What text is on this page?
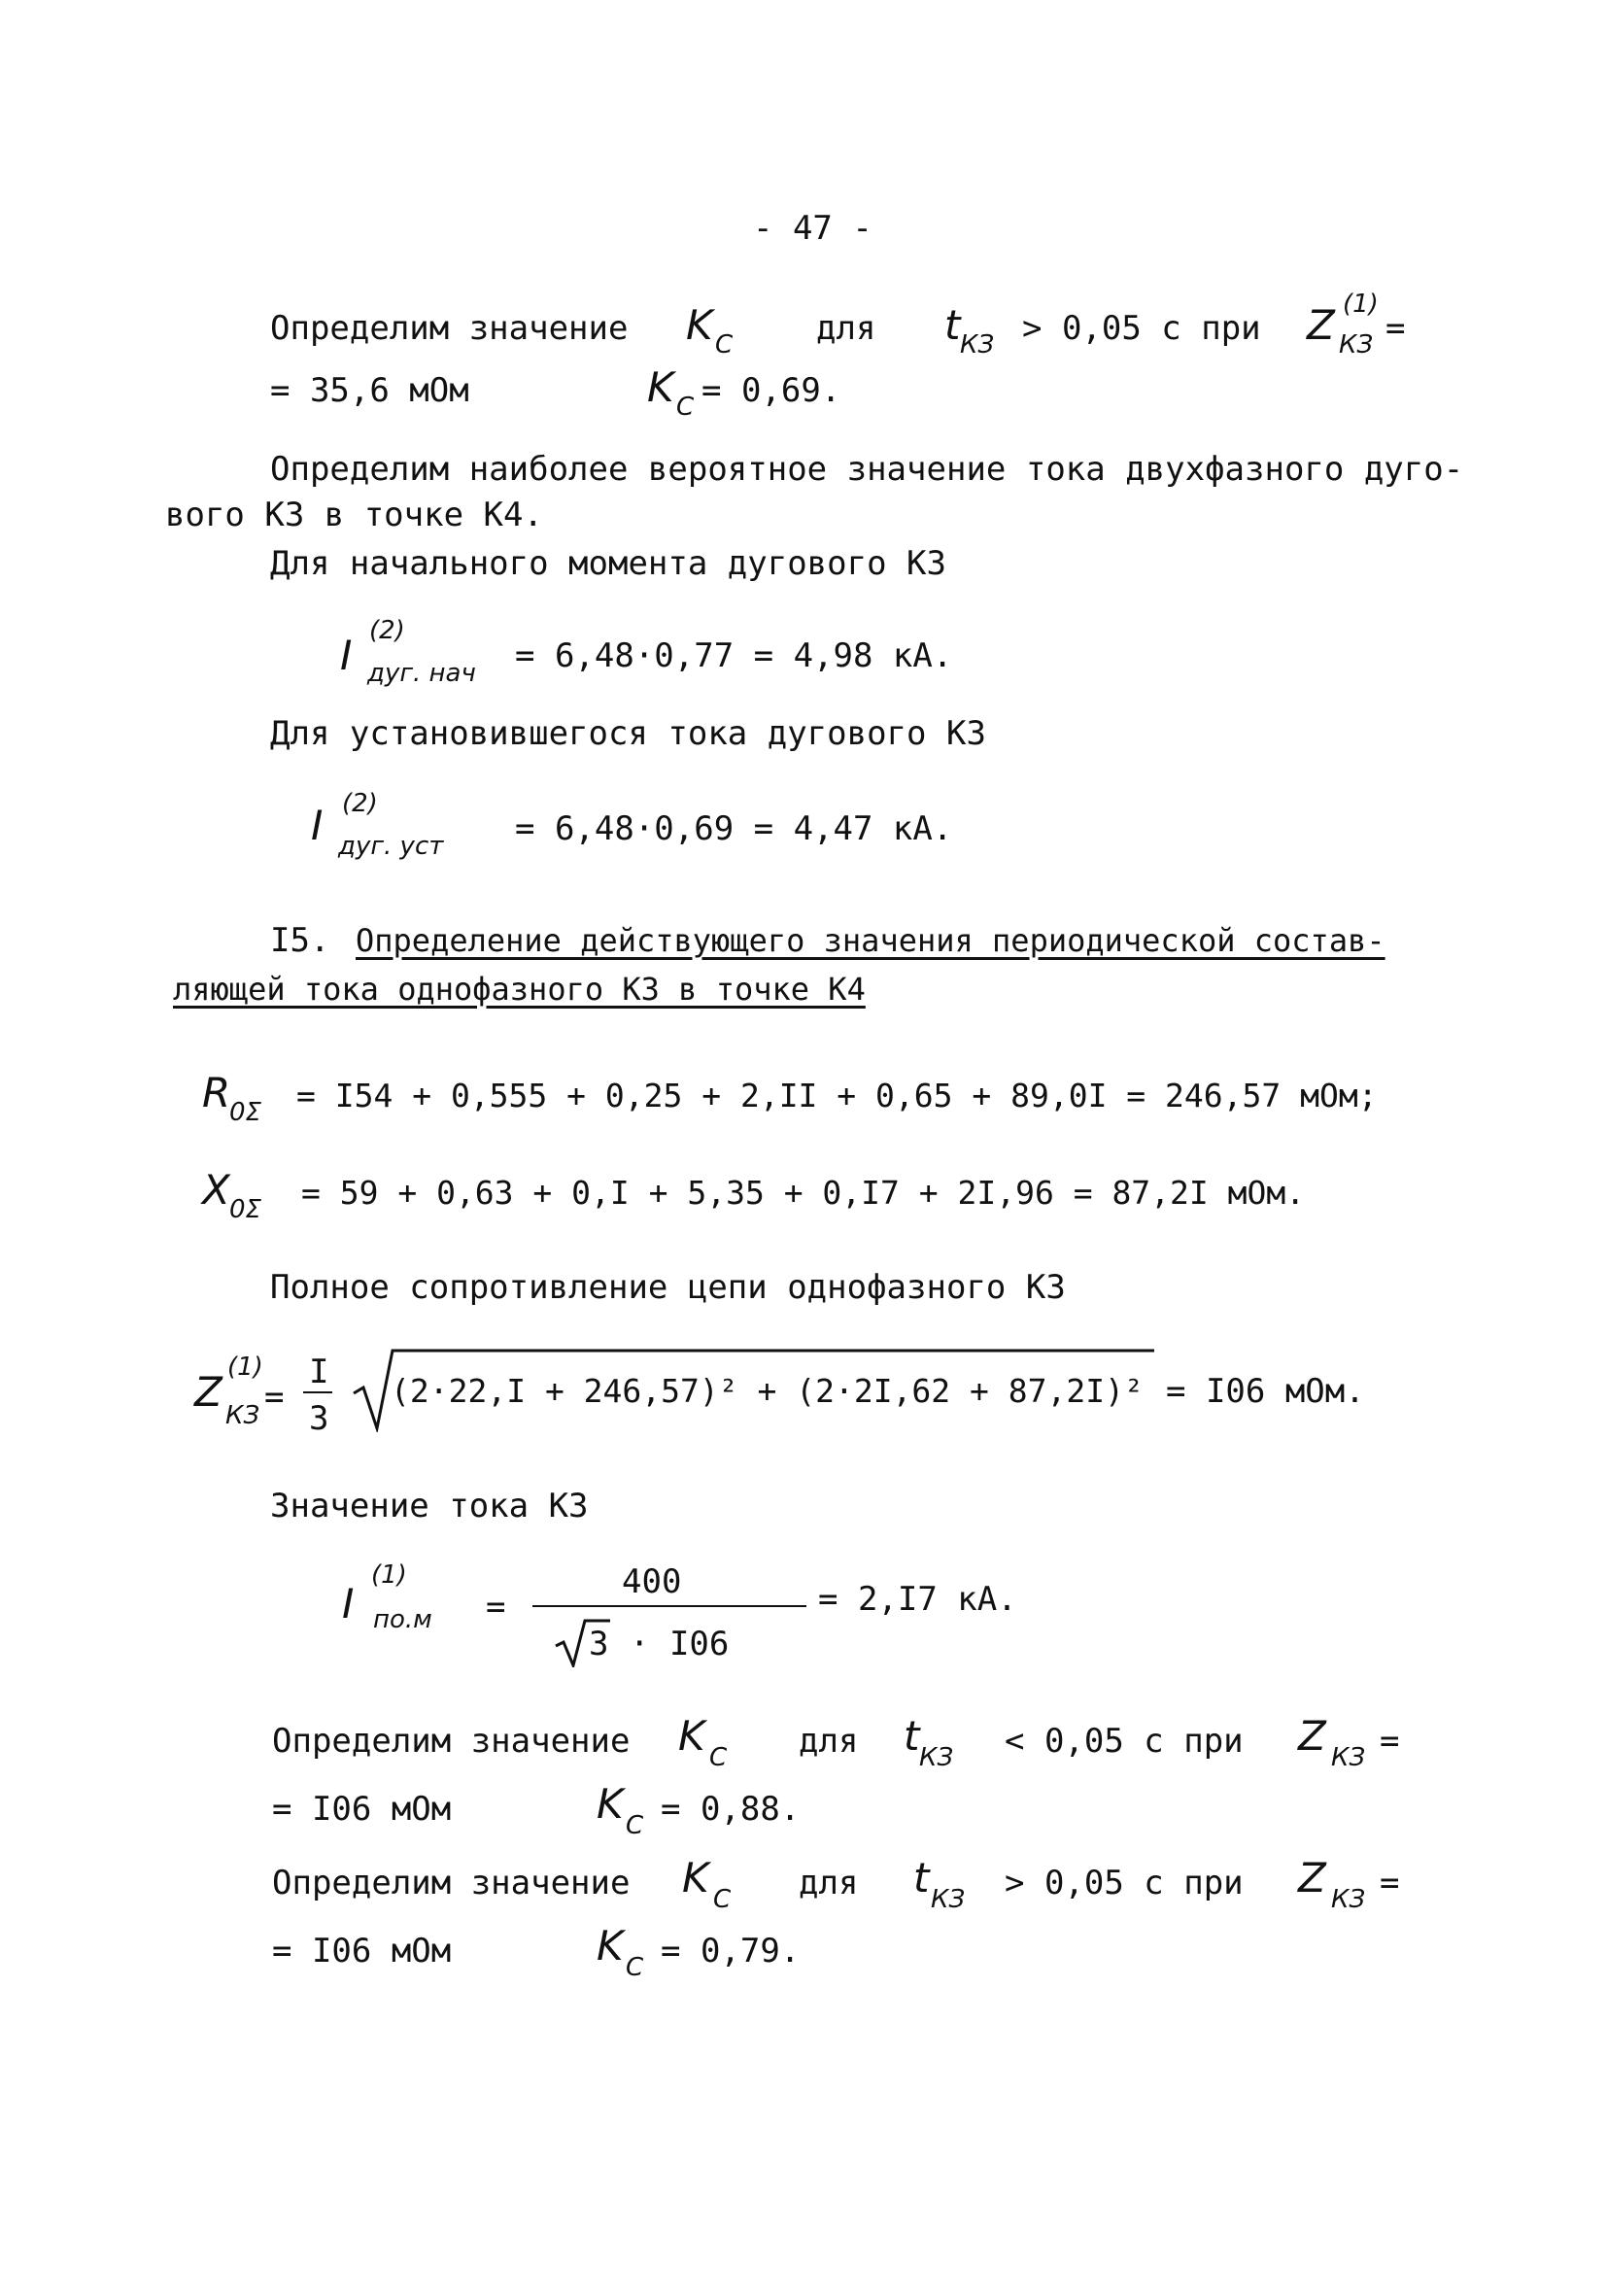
- 47 -
Определим значение K C	для t КЗ > 0,05 с при Z (1)
КЗ =
= 35,6 мОм	K C = 0,69.
Определим наиболее вероятное значение тока двухфазного дуго-
вого КЗ в точке К4.
Для начального момента дугового КЗ
I
(2)
дуг. нач = 6,48·0,77 = 4,98 кА.
Для установившегося тока дугового КЗ
I (2)
дуг. уст = 6,48·0,69 = 4,47 кА.
I5. Определение действующего значения периодической состав-
ляющей тока однофазного КЗ в точке К4
R
0Σ = I54 + 0,555 + 0,25 + 2,II + 0,65 + 89,0I = 246,57 мОм;
X 0Σ = 59 + 0,63 + 0,I + 5,35 + 0,I7 + 2I,96 = 87,2I мОм.
Полное сопротивление цепи однофазного КЗ
Z
(1)
КЗ =
I
3
(2·22,I + 246,57)² + (2·2I,62 + 87,2I)² = I06 мОм.
Значение тока КЗ
I
(1)
по.м =
400
3 · I06
= 2,I7 кА.
Определим значение K C для t КЗ < 0,05 с при Z КЗ =
= I06 мОм	K C = 0,88.
Определим значение K C для t КЗ > 0,05 с при Z КЗ =
= I06 мОм	K C = 0,79.
